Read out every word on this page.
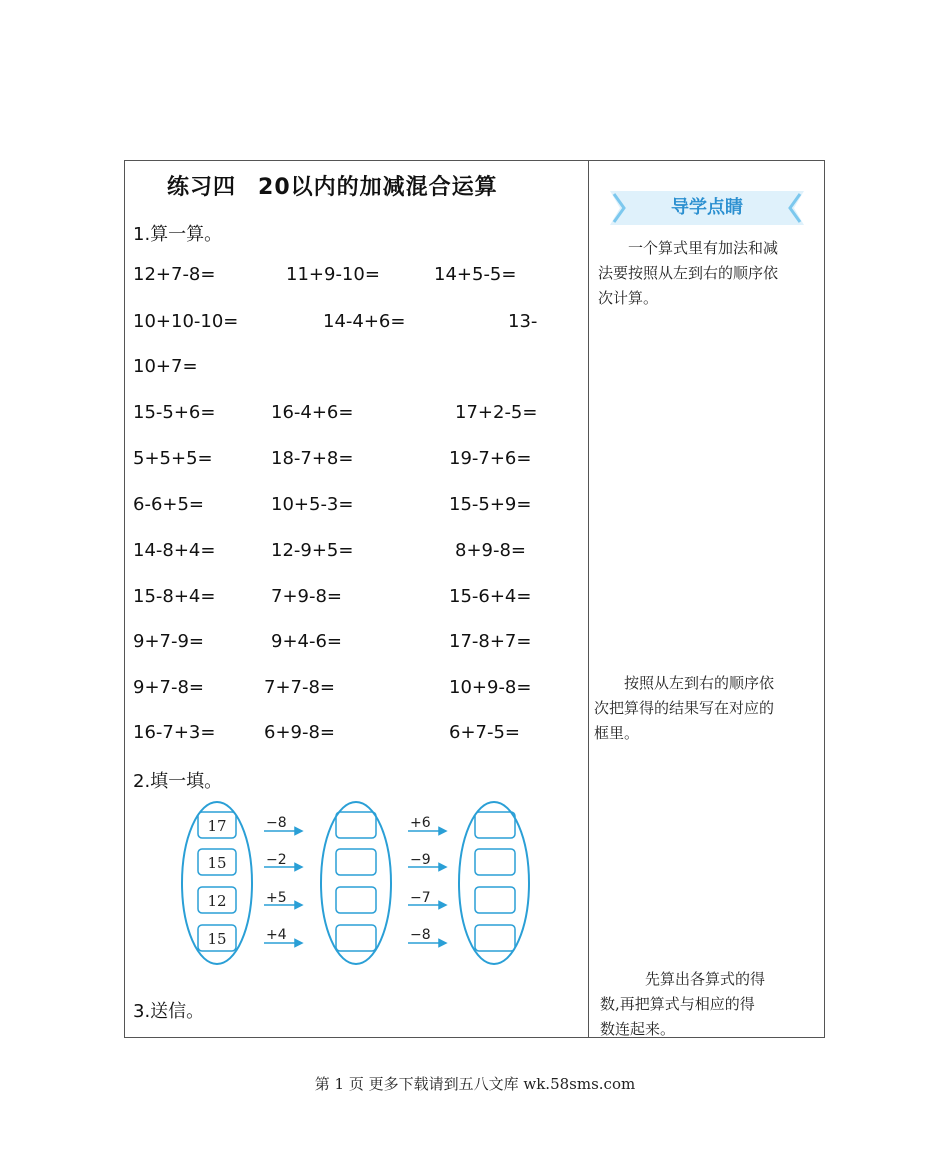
练习四 20以内的加减混合运算
1.算一算。
12+7-8=	11+9-10=	14+5-5=
10+10-10=	14-4+6=	13-
10+7=
15-5+6=	16-4+6=	17+2-5=
5+5+5=	18-7+8=	19-7+6=
6-6+5=	10+5-3=	15-5+9=
14-8+4=	12-9+5=	8+9-8=
15-8+4=	7+9-8=	15-6+4=
9+7-9=	9+4-6=	17-8+7=
9+7-8=	7+7-8=	10+9-8=
16-7+3=	6+9-8=	6+7-5=
2.填一填。
17
15
12
15
−8
−2
+5
+4
+6
−9
−7
−8
3.送信。
导学点睛
　　一个算式里有加法和减
法要按照从左到右的顺序依
次计算。
　　按照从左到右的顺序依
次把算得的结果写在对应的
框里。
　　　先算出各算式的得
数,再把算式与相应的得
数连起来。
第 1 页 更多下载请到五八文库 wk.58sms.com
